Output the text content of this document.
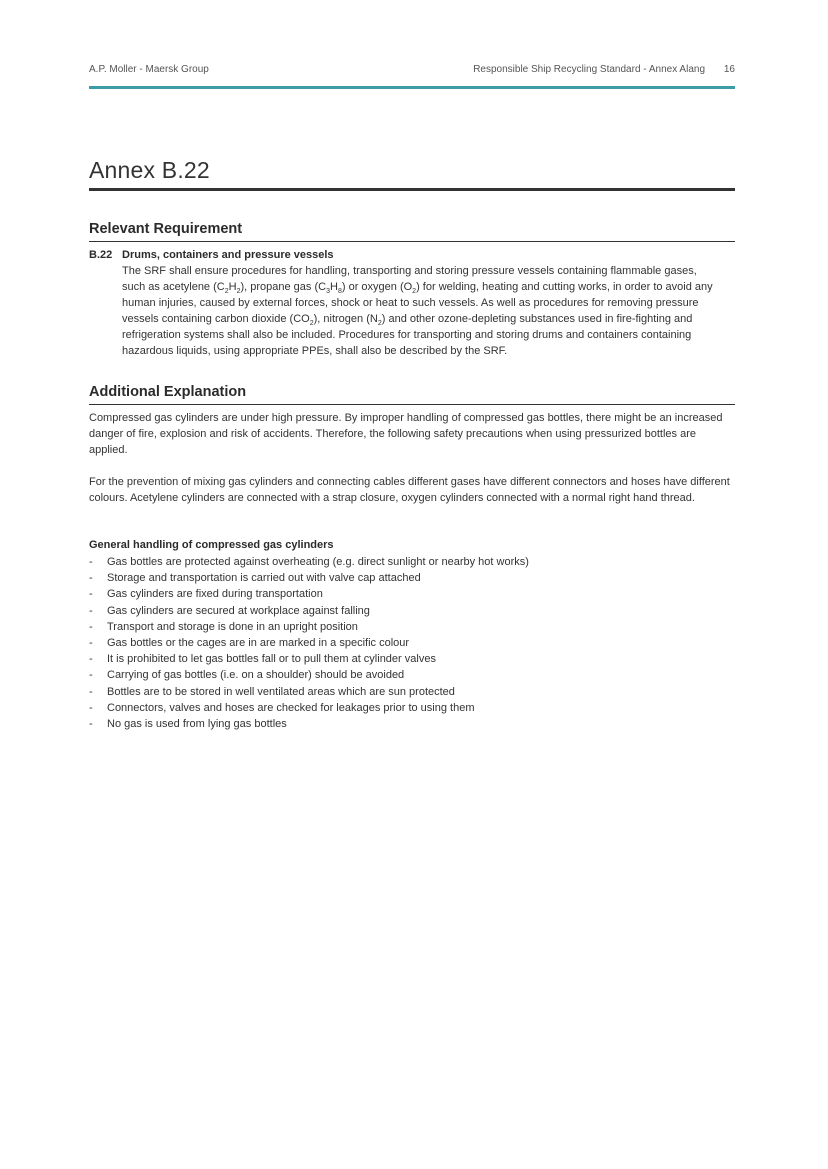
A.P. Moller - Maersk Group	Responsible Ship Recycling Standard - Annex Alang 16
Annex B.22
Relevant Requirement
B.22 Drums, containers and pressure vessels
The SRF shall ensure procedures for handling, transporting and storing pressure vessels containing flammable gases, such as acetylene $(C_2H_2)$, propane gas $(C_3H_8)$ or oxygen $(O_2)$ for welding, heating and cutting works, in order to avoid any human injuries, caused by external forces, shock or heat to such vessels. As well as procedures for removing pressure vessels containing carbon dioxide $(CO_2)$, nitrogen $(N_2)$ and other ozone-depleting substances used in fire-fighting and refrigeration systems shall also be included. Procedures for transporting and storing drums and containers containing hazardous liquids, using appropriate PPEs, shall also be described by the SRF.
Additional Explanation
Compressed gas cylinders are under high pressure. By improper handling of compressed gas bottles, there might be an increased danger of fire, explosion and risk of accidents. Therefore, the following safety precautions when using pressurized bottles are applied.
For the prevention of mixing gas cylinders and connecting cables different gases have different connectors and hoses have different colours. Acetylene cylinders are connected with a strap closure, oxygen cylinders connected with a normal right hand thread.
General handling of compressed gas cylinders
- Gas bottles are protected against overheating (e.g. direct sunlight or nearby hot works)
- Storage and transportation is carried out with valve cap attached
- Gas cylinders are fixed during transportation
- Gas cylinders are secured at workplace against falling
- Transport and storage is done in an upright position
- Gas bottles or the cages are in are marked in a specific colour
- It is prohibited to let gas bottles fall or to pull them at cylinder valves
- Carrying of gas bottles (i.e. on a shoulder) should be avoided
- Bottles are to be stored in well ventilated areas which are sun protected
- Connectors, valves and hoses are checked for leakages prior to using them
- No gas is used from lying gas bottles
